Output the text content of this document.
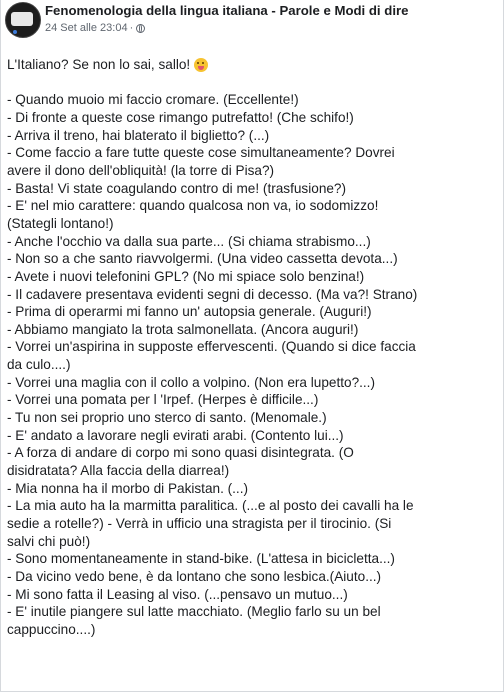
Fenomenologia della lingua italiana - Parole e Modi di dire
24 Set alle 23:04 ·
L'Italiano? Se non lo sai, sallo!

- Quando muoio mi faccio cromare. (Eccellente!)

- Di fronte a queste cose rimango putrefatto! (Che schifo!)

- Arriva il treno, hai blaterato il biglietto? (...)

- Come faccio a fare tutte queste cose simultaneamente? Dovrei

avere il dono dell'obliquità! (la torre di Pisa?)

- Basta! Vi state coagulando contro di me! (trasfusione?)

- E' nel mio carattere: quando qualcosa non va, io sodomizzo!

(Stategli lontano!)

- Anche l'occhio va dalla sua parte... (Si chiama strabismo...)

- Non so a che santo riavvolgermi. (Una video cassetta devota...)

- Avete i nuovi telefonini GPL? (No mi spiace solo benzina!)

- Il cadavere presentava evidenti segni di decesso. (Ma va?! Strano)

- Prima di operarmi mi fanno un' autopsia generale. (Auguri!)

- Abbiamo mangiato la trota salmonellata. (Ancora auguri!)

- Vorrei un'aspirina in supposte effervescenti. (Quando si dice faccia

da culo....)

- Vorrei una maglia con il collo a volpino. (Non era lupetto?...)

- Vorrei una pomata per l 'Irpef. (Herpes è difficile...)

- Tu non sei proprio uno sterco di santo. (Menomale.)

- E' andato a lavorare negli evirati arabi. (Contento lui...)

- A forza di andare di corpo mi sono quasi disintegrata. (O

disidratata? Alla faccia della diarrea!)

- Mia nonna ha il morbo di Pakistan. (...)

- La mia auto ha la marmitta paralitica. (...e al posto dei cavalli ha le

sedie a rotelle?) - Verrà in ufficio una stragista per il tirocinio. (Si

salvi chi può!)

- Sono momentaneamente in stand-bike. (L'attesa in bicicletta...)

- Da vicino vedo bene, è da lontano che sono lesbica.(Aiuto...)

- Mi sono fatta il Leasing al viso. (...pensavo un mutuo...)

- E' inutile piangere sul latte macchiato. (Meglio farlo su un bel

cappuccino....)
